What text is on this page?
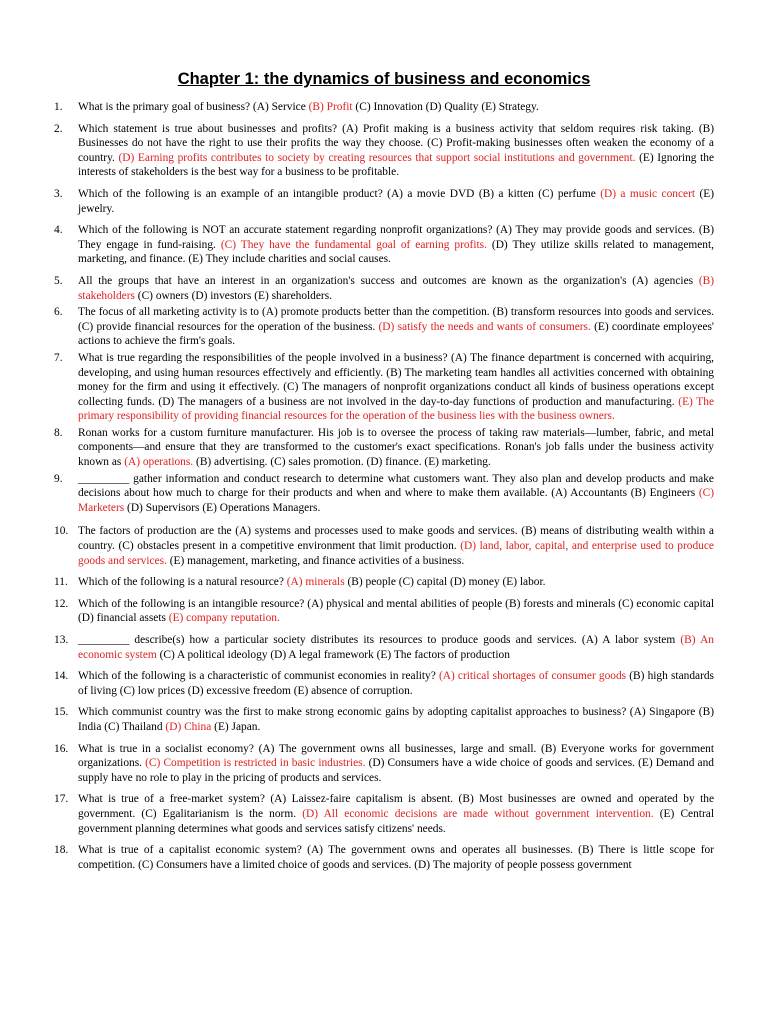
Chapter 1: the dynamics of business and economics
1.	What is the primary goal of business? (A) Service (B) Profit (C) Innovation (D) Quality (E) Strategy.
2.	Which statement is true about businesses and profits? (A) Profit making is a business activity that seldom requires risk taking. (B) Businesses do not have the right to use their profits the way they choose. (C) Profit-making businesses often weaken the economy of a country. (D) Earning profits contributes to society by creating resources that support social institutions and government. (E) Ignoring the interests of stakeholders is the best way for a business to be profitable.
3.	Which of the following is an example of an intangible product? (A) a movie DVD (B) a kitten (C) perfume (D) a music concert (E) jewelry.
4.	Which of the following is NOT an accurate statement regarding nonprofit organizations? (A) They may provide goods and services. (B) They engage in fund-raising. (C) They have the fundamental goal of earning profits. (D) They utilize skills related to management, marketing, and finance. (E) They include charities and social causes.
5.	All the groups that have an interest in an organization's success and outcomes are known as the organization's (A) agencies (B) stakeholders (C) owners (D) investors (E) shareholders.
6.	The focus of all marketing activity is to (A) promote products better than the competition. (B) transform resources into goods and services. (C) provide financial resources for the operation of the business. (D) satisfy the needs and wants of consumers. (E) coordinate employees' actions to achieve the firm's goals.
7.	What is true regarding the responsibilities of the people involved in a business? (A) The finance department is concerned with acquiring, developing, and using human resources effectively and efficiently. (B) The marketing team handles all activities concerned with obtaining money for the firm and using it effectively. (C) The managers of nonprofit organizations conduct all kinds of business operations except collecting funds. (D) The managers of a business are not involved in the day-to-day functions of production and manufacturing. (E) The primary responsibility of providing financial resources for the operation of the business lies with the business owners.
8.	Ronan works for a custom furniture manufacturer. His job is to oversee the process of taking raw materials—lumber, fabric, and metal components—and ensure that they are transformed to the customer's exact specifications. Ronan's job falls under the business activity known as (A) operations. (B) advertising. (C) sales promotion. (D) finance. (E) marketing.
9.	_________ gather information and conduct research to determine what customers want. They also plan and develop products and make decisions about how much to charge for their products and when and where to make them available. (A) Accountants (B) Engineers (C) Marketers (D) Supervisors (E) Operations Managers.
10. The factors of production are the (A) systems and processes used to make goods and services. (B) means of distributing wealth within a country. (C) obstacles present in a competitive environment that limit production. (D) land, labor, capital, and enterprise used to produce goods and services. (E) management, marketing, and finance activities of a business.
11. Which of the following is a natural resource? (A) minerals (B) people (C) capital (D) money (E) labor.
12. Which of the following is an intangible resource? (A) physical and mental abilities of people (B) forests and minerals (C) economic capital (D) financial assets (E) company reputation.
13. _________ describe(s) how a particular society distributes its resources to produce goods and services. (A) A labor system (B) An economic system (C) A political ideology (D) A legal framework (E) The factors of production
14. Which of the following is a characteristic of communist economies in reality? (A) critical shortages of consumer goods (B) high standards of living (C) low prices (D) excessive freedom (E) absence of corruption.
15. Which communist country was the first to make strong economic gains by adopting capitalist approaches to business? (A) Singapore (B) India (C) Thailand (D) China (E) Japan.
16. What is true in a socialist economy? (A) The government owns all businesses, large and small. (B) Everyone works for government organizations. (C) Competition is restricted in basic industries. (D) Consumers have a wide choice of goods and services. (E) Demand and supply have no role to play in the pricing of products and services.
17. What is true of a free-market system? (A) Laissez-faire capitalism is absent. (B) Most businesses are owned and operated by the government. (C) Egalitarianism is the norm. (D) All economic decisions are made without government intervention. (E) Central government planning determines what goods and services satisfy citizens' needs.
18. What is true of a capitalist economic system? (A) The government owns and operates all businesses. (B) There is little scope for competition. (C) Consumers have a limited choice of goods and services. (D) The majority of people possess government
